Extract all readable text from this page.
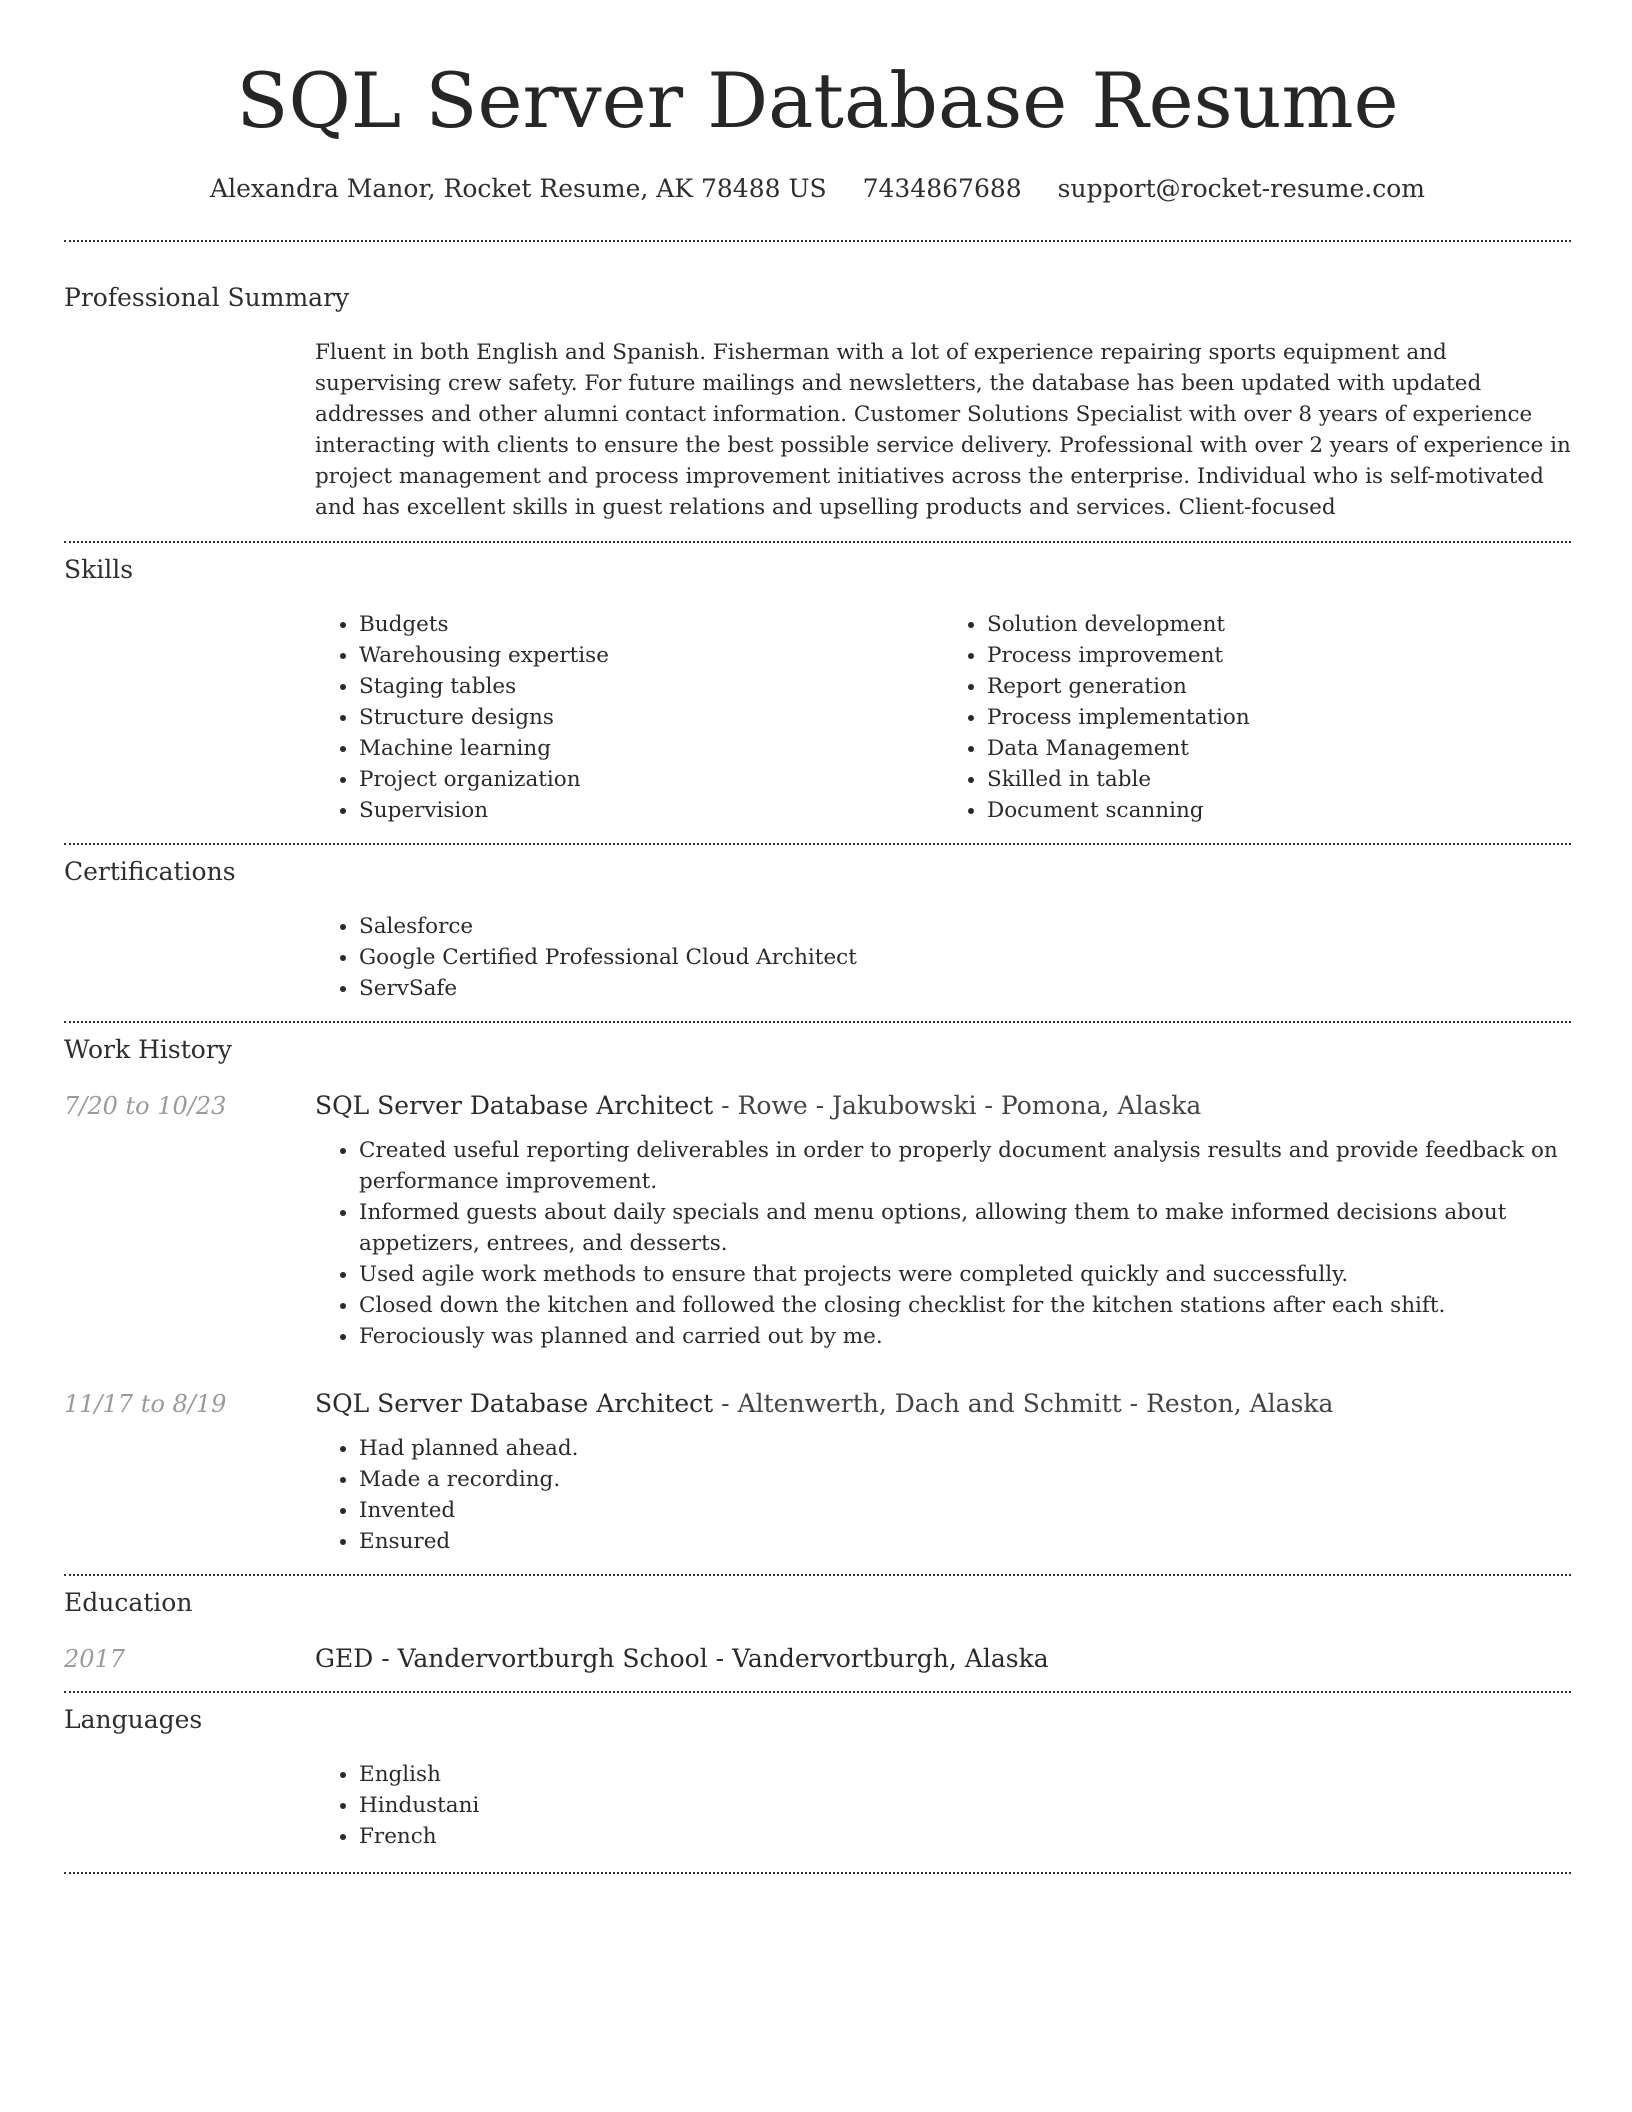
SQL Server Database Resume
Alexandra Manor, Rocket Resume, AK 78488 US 7434867688 support@rocket-resume.com
Professional Summary
Fluent in both English and Spanish. Fisherman with a lot of experience repairing sports equipment and supervising crew safety. For future mailings and newsletters, the database has been updated with updated addresses and other alumni contact information. Customer Solutions Specialist with over 8 years of experience interacting with clients to ensure the best possible service delivery. Professional with over 2 years of experience in project management and process improvement initiatives across the enterprise. Individual who is self-motivated and has excellent skills in guest relations and upselling products and services. Client-focused
Skills
• Budgets
• Warehousing expertise
• Staging tables
• Structure designs
• Machine learning
• Project organization
• Supervision
• Solution development
• Process improvement
• Report generation
• Process implementation
• Data Management
• Skilled in table
• Document scanning
Certifications
• Salesforce
• Google Certified Professional Cloud Architect
• ServSafe
Work History
7/20 to 10/23	SQL Server Database Architect - Rowe - Jakubowski - Pomona, Alaska
• Created useful reporting deliverables in order to properly document analysis results and provide feedback on performance improvement.
• Informed guests about daily specials and menu options, allowing them to make informed decisions about appetizers, entrees, and desserts.
• Used agile work methods to ensure that projects were completed quickly and successfully.
• Closed down the kitchen and followed the closing checklist for the kitchen stations after each shift.
• Ferociously was planned and carried out by me.
11/17 to 8/19	SQL Server Database Architect - Altenwerth, Dach and Schmitt - Reston, Alaska
• Had planned ahead.
• Made a recording.
• Invented
• Ensured
Education
2017	GED - Vandervortburgh School - Vandervortburgh, Alaska
Languages
• English
• Hindustani
• French
